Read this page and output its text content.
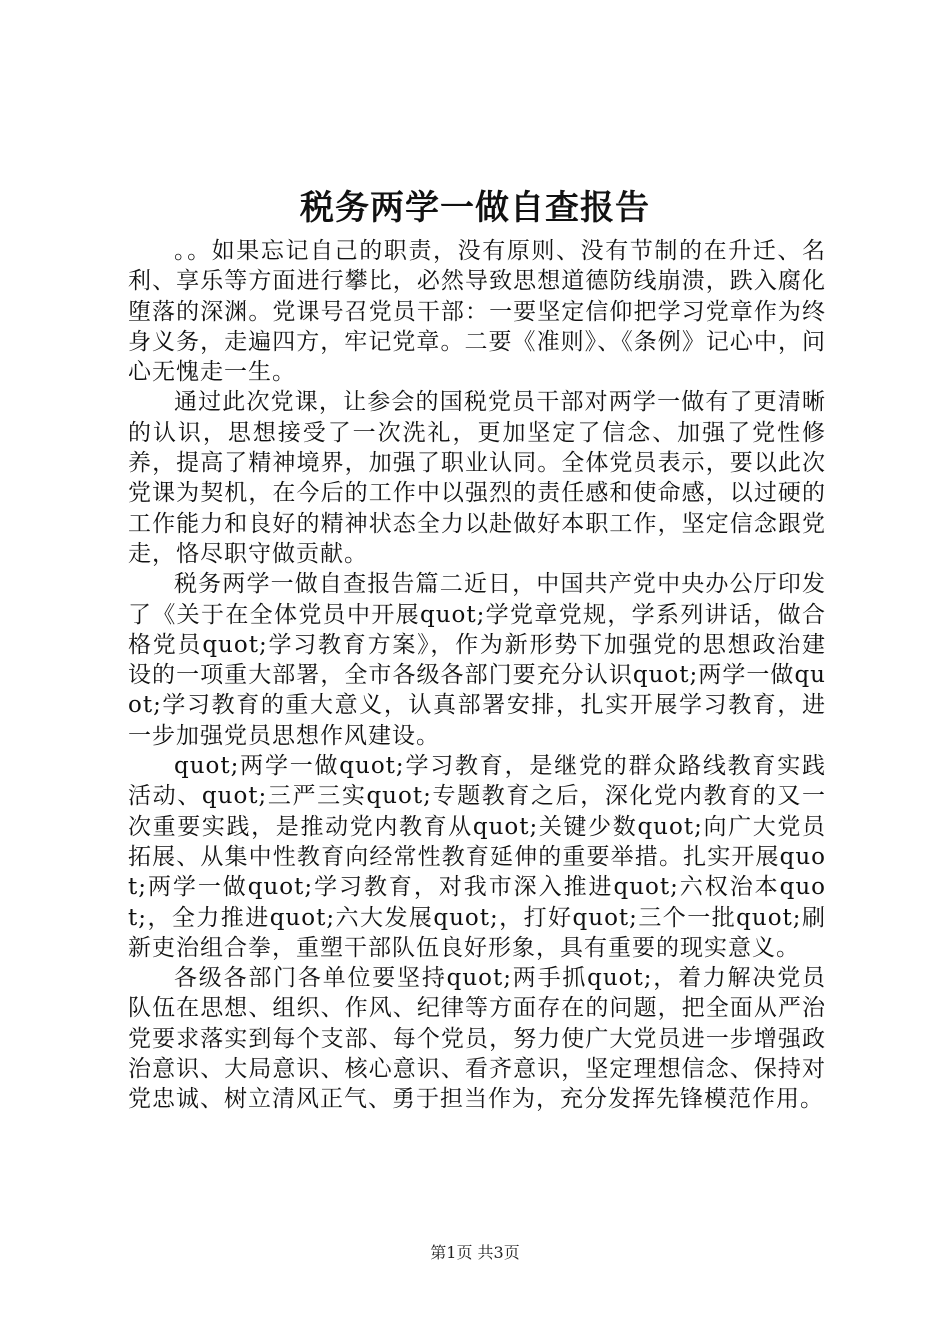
税务两学一做自查报告

。。如果忘记自己的职责，没有原则、没有节制的在升迁、名利、享乐等方面进行攀比，必然导致思想道德防线崩溃，跌入腐化堕落的深渊。党课号召党员干部：一要坚定信仰把学习党章作为终身义务，走遍四方，牢记党章。二要《准则》、《条例》记心中，问心无愧走一生。

通过此次党课，让参会的国税党员干部对两学一做有了更清晰的认识，思想接受了一次洗礼，更加坚定了信念、加强了党性修养，提高了精神境界，加强了职业认同。全体党员表示，要以此次党课为契机，在今后的工作中以强烈的责任感和使命感，以过硬的工作能力和良好的精神状态全力以赴做好本职工作，坚定信念跟党走，恪尽职守做贡献。

税务两学一做自查报告篇二近日，中国共产党中央办公厅印发了《关于在全体党员中开展quot;学党章党规，学系列讲话，做合格党员quot;学习教育方案》，作为新形势下加强党的思想政治建设的一项重大部署，全市各级各部门要充分认识quot;两学一做quot;学习教育的重大意义，认真部署安排，扎实开展学习教育，进一步加强党员思想作风建设。

quot;两学一做quot;学习教育，是继党的群众路线教育实践活动、quot;三严三实quot;专题教育之后，深化党内教育的又一次重要实践，是推动党内教育从quot;关键少数quot;向广大党员拓展、从集中性教育向经常性教育延伸的重要举措。扎实开展quot;两学一做quot;学习教育，对我市深入推进quot;六权治本quot;，全力推进quot;六大发展quot;，打好quot;三个一批quot;刷新吏治组合拳，重塑干部队伍良好形象，具有重要的现实意义。

各级各部门各单位要坚持quot;两手抓quot;，着力解决党员队伍在思想、组织、作风、纪律等方面存在的问题，把全面从严治党要求落实到每个支部、每个党员，努力使广大党员进一步增强政治意识、大局意识、核心意识、看齐意识，坚定理想信念、保持对党忠诚、树立清风正气、勇于担当作为，充分发挥先锋模范作用。

第1页 共3页
